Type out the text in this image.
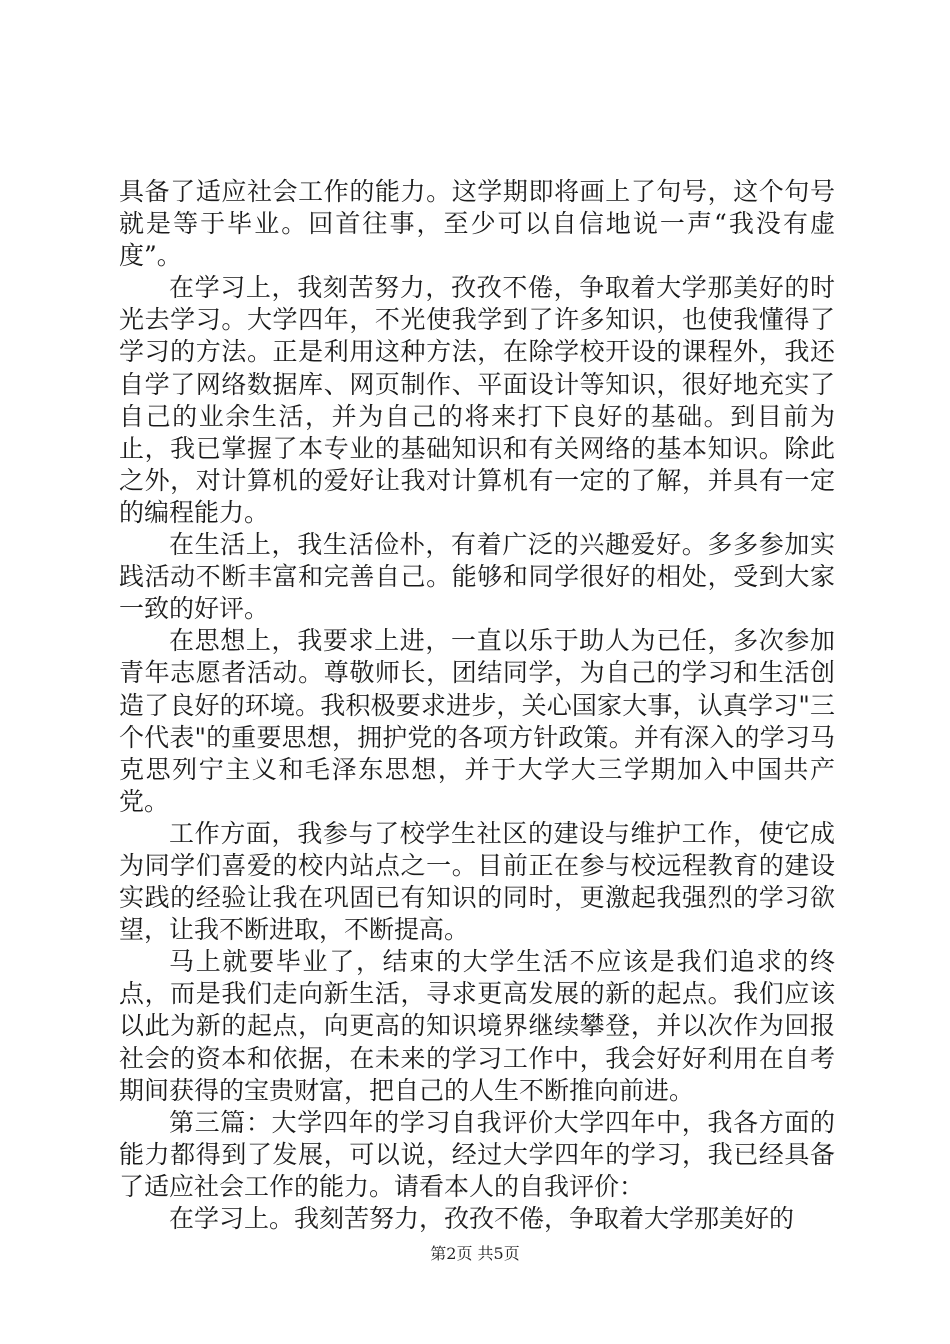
具备了适应社会工作的能力。这学期即将画上了句号，这个句号就是等于毕业。回首往事，至少可以自信地说一声“我没有虚度”。

在学习上，我刻苦努力，孜孜不倦，争取着大学那美好的时光去学习。大学四年，不光使我学到了许多知识，也使我懂得了学习的方法。正是利用这种方法，在除学校开设的课程外，我还自学了网络数据库、网页制作、平面设计等知识，很好地充实了自己的业余生活，并为自己的将来打下良好的基础。到目前为止，我已掌握了本专业的基础知识和有关网络的基本知识。除此之外，对计算机的爱好让我对计算机有一定的了解，并具有一定的编程能力。

在生活上，我生活俭朴，有着广泛的兴趣爱好。多多参加实践活动不断丰富和完善自己。能够和同学很好的相处，受到大家一致的好评。

在思想上，我要求上进，一直以乐于助人为已任，多次参加青年志愿者活动。尊敬师长，团结同学，为自己的学习和生活创造了良好的环境。我积极要求进步，关心国家大事，认真学习"三个代表"的重要思想，拥护党的各项方针政策。并有深入的学习马克思列宁主义和毛泽东思想，并于大学大三学期加入中国共产党。

工作方面，我参与了校学生社区的建设与维护工作，使它成为同学们喜爱的校内站点之一。目前正在参与校远程教育的建设实践的经验让我在巩固已有知识的同时，更激起我强烈的学习欲望，让我不断进取，不断提高。

马上就要毕业了，结束的大学生活不应该是我们追求的终点，而是我们走向新生活，寻求更高发展的新的起点。我们应该以此为新的起点，向更高的知识境界继续攀登，并以次作为回报社会的资本和依据，在未来的学习工作中，我会好好利用在自考期间获得的宝贵财富，把自己的人生不断推向前进。

第三篇：大学四年的学习自我评价大学四年中，我各方面的能力都得到了发展，可以说，经过大学四年的学习，我已经具备了适应社会工作的能力。请看本人的自我评价：

在学习上。我刻苦努力，孜孜不倦，争取着大学那美好的

第2页 共5页
